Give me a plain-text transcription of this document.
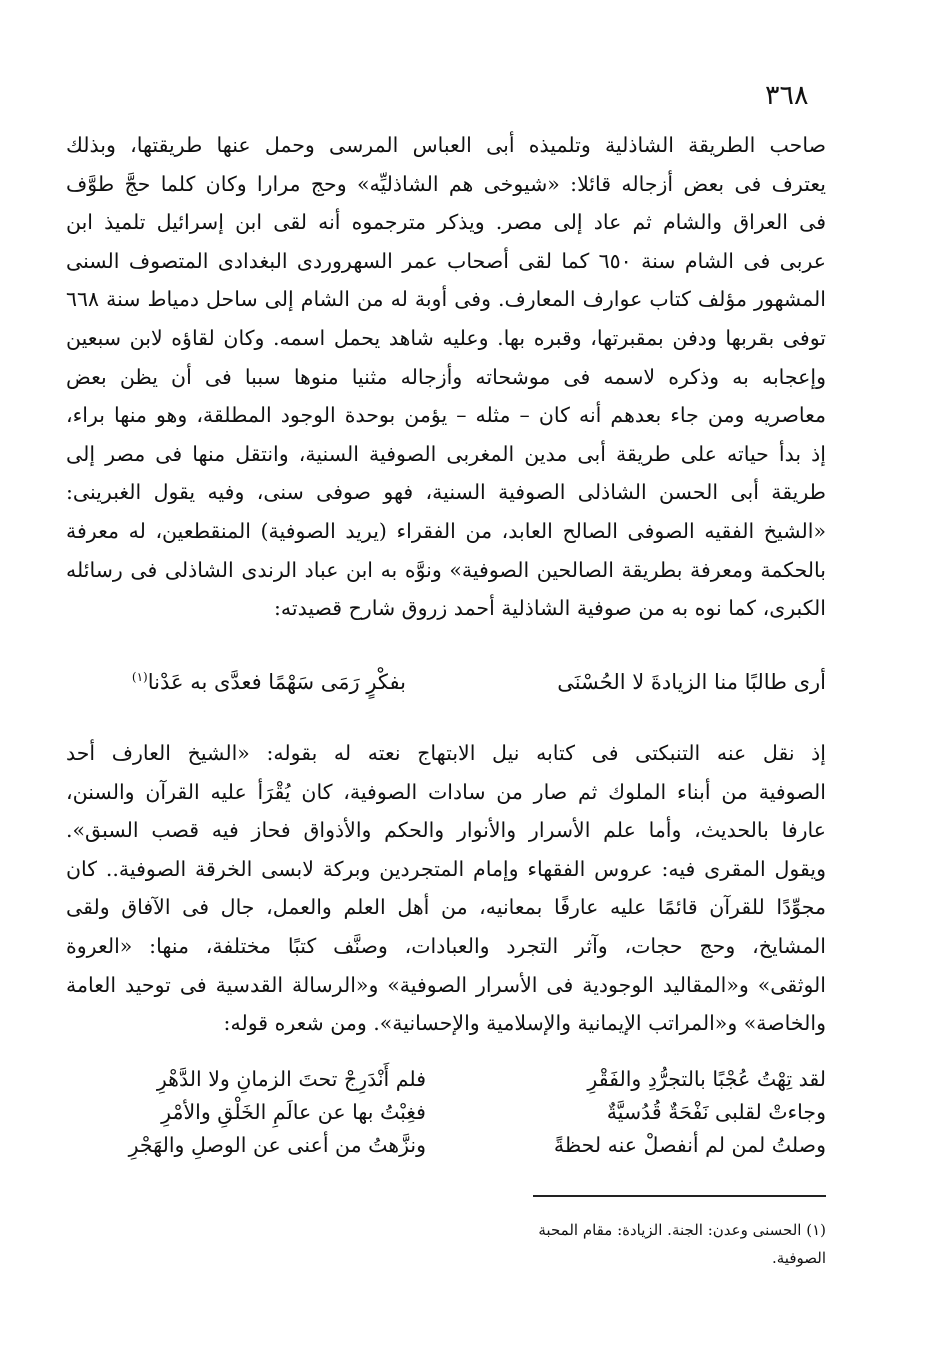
٣٦٨
صاحب الطريقة الشاذلية وتلميذه أبى العباس المرسى وحمل عنها طريقتها، وبذلك
يعترف فى بعض أزجاله قائلا: «شيوخى هم الشاذليِّه» وحج مرارا وكان كلما حجَّ طوَّف
فى العراق والشام ثم عاد إلى مصر. ويذكر مترجموه أنه لقى ابن إسرائيل تلميذ ابن
عربى فى الشام سنة ٦٥٠ كما لقى أصحاب عمر السهروردى البغدادى المتصوف السنى
المشهور مؤلف كتاب عوارف المعارف. وفى أوبة له من الشام إلى ساحل دمياط سنة ٦٦٨
توفى بقربها ودفن بمقبرتها، وقبره بها. وعليه شاهد يحمل اسمه. وكان لقاؤه لابن سبعين
وإعجابه به وذكره لاسمه فى موشحاته وأزجاله مثنيا منوها سببا فى أن يظن بعض
معاصريه ومن جاء بعدهم أنه كان – مثله – يؤمن بوحدة الوجود المطلقة، وهو منها براء،
إذ بدأ حياته على طريقة أبى مدين المغربى الصوفية السنية، وانتقل منها فى مصر إلى
طريقة أبى الحسن الشاذلى الصوفية السنية، فهو صوفى سنى، وفيه يقول الغبرينى:
«الشيخ الفقيه الصوفى الصالح العابد، من الفقراء (يريد الصوفية) المنقطعين، له معرفة
بالحكمة ومعرفة بطريقة الصالحين الصوفية» ونوَّه به ابن عباد الرندى الشاذلى فى رسائله
الكبرى، كما نوه به من صوفية الشاذلية أحمد زروق شارح قصيدته:
أرى طالبًا منا الزيادةَ لا الحُسْنَى
بفكْرٍ رَمَى سَهْمًا فعدَّى به عَدْنا$^{(١)}$
إذ نقل عنه التنبكتى فى كتابه نيل الابتهاج نعته له بقوله: «الشيخ العارف أحد
الصوفية من أبناء الملوك ثم صار من سادات الصوفية، كان يُقْرَأ عليه القرآن والسنن،
عارفا بالحديث، وأما علم الأسرار والأنوار والحكم والأذواق فحاز فيه قصب السبق».
ويقول المقرى فيه: عروس الفقهاء وإمام المتجردين وبركة لابسى الخرقة الصوفية.. كان
مجوِّدًا للقرآن قائمًا عليه عارفًا بمعانيه، من أهل العلم والعمل، جال فى الآفاق ولقى
المشايخ، وحج حجات، وآثر التجرد والعبادات، وصنَّف كتبًا مختلفة، منها: «العروة
الوثقى» و«المقاليد الوجودية فى الأسرار الصوفية» و«الرسالة القدسية فى توحيد العامة
والخاصة» و«المراتب الإيمانية والإسلامية والإحسانية». ومن شعره قوله:
لقد تِهْتُ عُجْبًا بالتجرُّدِ والفَقْرِ
فلم أَنْدَرِجْ تحتَ الزمانِ ولا الدَّهْرِ
وجاءتْ لقلبى نَفْحَةٌ قُدُسيَّةٌ
فغِبْتُ بها عن عالَمِ الخَلْقِ والأمْرِ
وصلتُ لمن لم أنفصلْ عنه لحظةً
ونزَّهتُ من أعنى عن الوصلِ والهَجْرِ
(١) الحسنى وعدن: الجنة. الزيادة: مقام المحبة
الصوفية.
